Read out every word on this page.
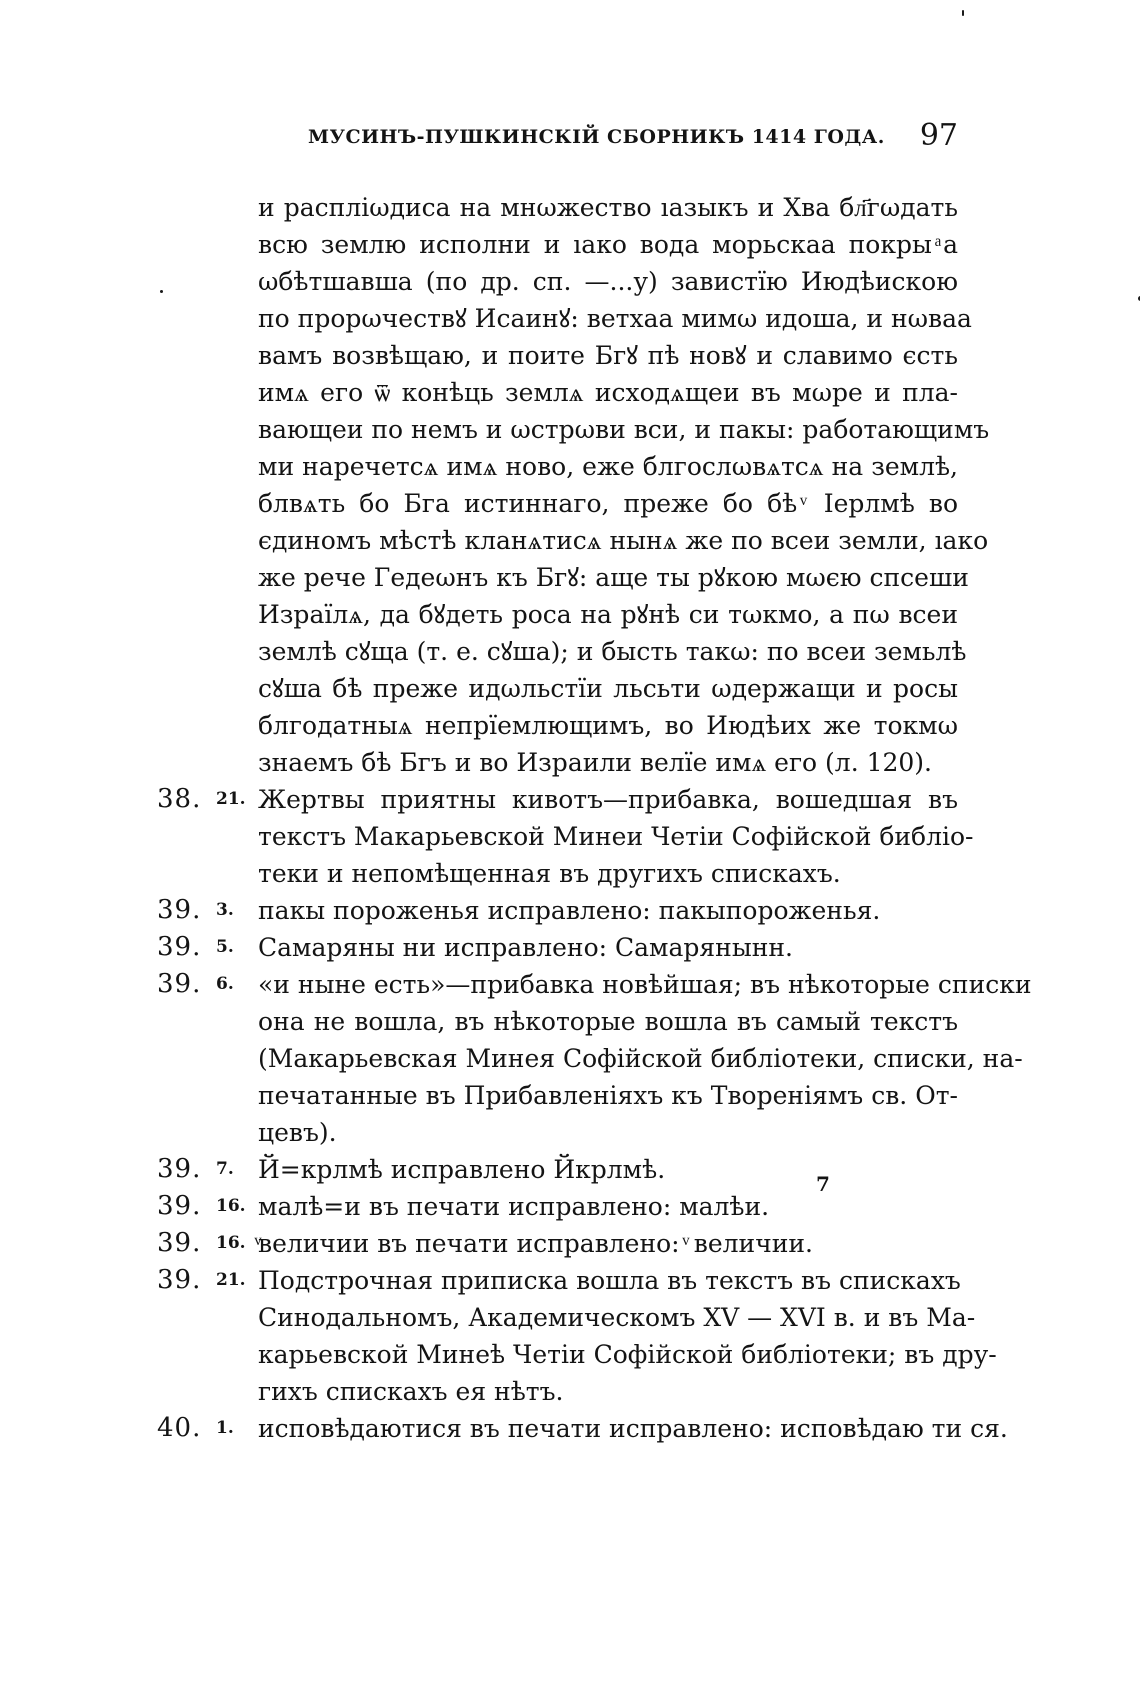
МУСИНЪ-ПУШКИНСКІЙ СБОРНИКЪ 1414 ГОДА. 97
и распліωдиса на мнωжество ıазыкъ и Хва бл҃гωдать
всю землю исполни и ıако вода морьскаа покры ͣа
ωбѣтшавша (по др. сп. —...у) завистїю Июдѣискою
по прорωчествꙋ Исаинꙋ: ветхаа мимω идоша, и нωваа
вамъ возвѣщаю, и поите Бгꙋ пѣ новꙋ и славимо єсть
имѧ его ѿ конѣць землѧ исходѧщеи въ мωре и пла-
вающеи по немъ и ωстрωви вси, и пакы: работающимъ
ми наречетсѧ имѧ ново, еже блгослωвѧтсѧ на землѣ,
блвѧть бо Бга истиннаго, преже бо бѣ ͮ Іерлмѣ во
єдиномъ мѣстѣ кланѧтисѧ нынѧ же по всеи земли, ıако
же рече Гедеωнъ къ Бгꙋ: аще ты рꙋкою мωєю спсеши
Израїлѧ, да бꙋдеть роса на рꙋнѣ си тωкмо, а пω всеи
землѣ сꙋща (т. е. сꙋша); и бысть такω: по всеи земьлѣ
сꙋша бѣ преже идωльстїи льсьти ωдержащи и росы
блгодатныѧ непрїемлющимъ, во Июдѣих же токмω
знаемъ бѣ Бгъ и во Израили велїе имѧ его (л. 120).
38. 21. Жертвы приятны кивотъ—прибавка, вошедшая въ
текстъ Макарьевской Минеи Четіи Софійской библіо-
теки и непомѣщенная въ другихъ спискахъ.
39. 3. пакы пороженья исправлено: пакыпороженья.
39. 5. Самаряны ни исправлено: Самарянынн.
39. 6. «и ныне есть»—прибавка новѣйшая; въ нѣкоторые списки
она не вошла, въ нѣкоторые вошла въ самый текстъ
(Макарьевская Минея Софійской библіотеки, списки, на-
печатанные въ Прибавленіяхъ къ Твореніямъ св. От-
цевъ).
39. 7. Й=крлмѣ исправлено Йкрлмѣ.
39. 16. малѣ=и въ печати исправлено: малѣи.
39. 16. ͮвеличии въ печати исправлено: ͮ величии.
39. 21. Подстрочная приписка вошла въ текстъ въ спискахъ
Синодальномъ, Академическомъ XV — XVI в. и въ Ма-
карьевской Минеѣ Четіи Софійской библіотеки; въ дру-
гихъ спискахъ ея нѣтъ.
40. 1. исповѣдаютися въ печати исправлено: исповѣдаю ти ся.
7
